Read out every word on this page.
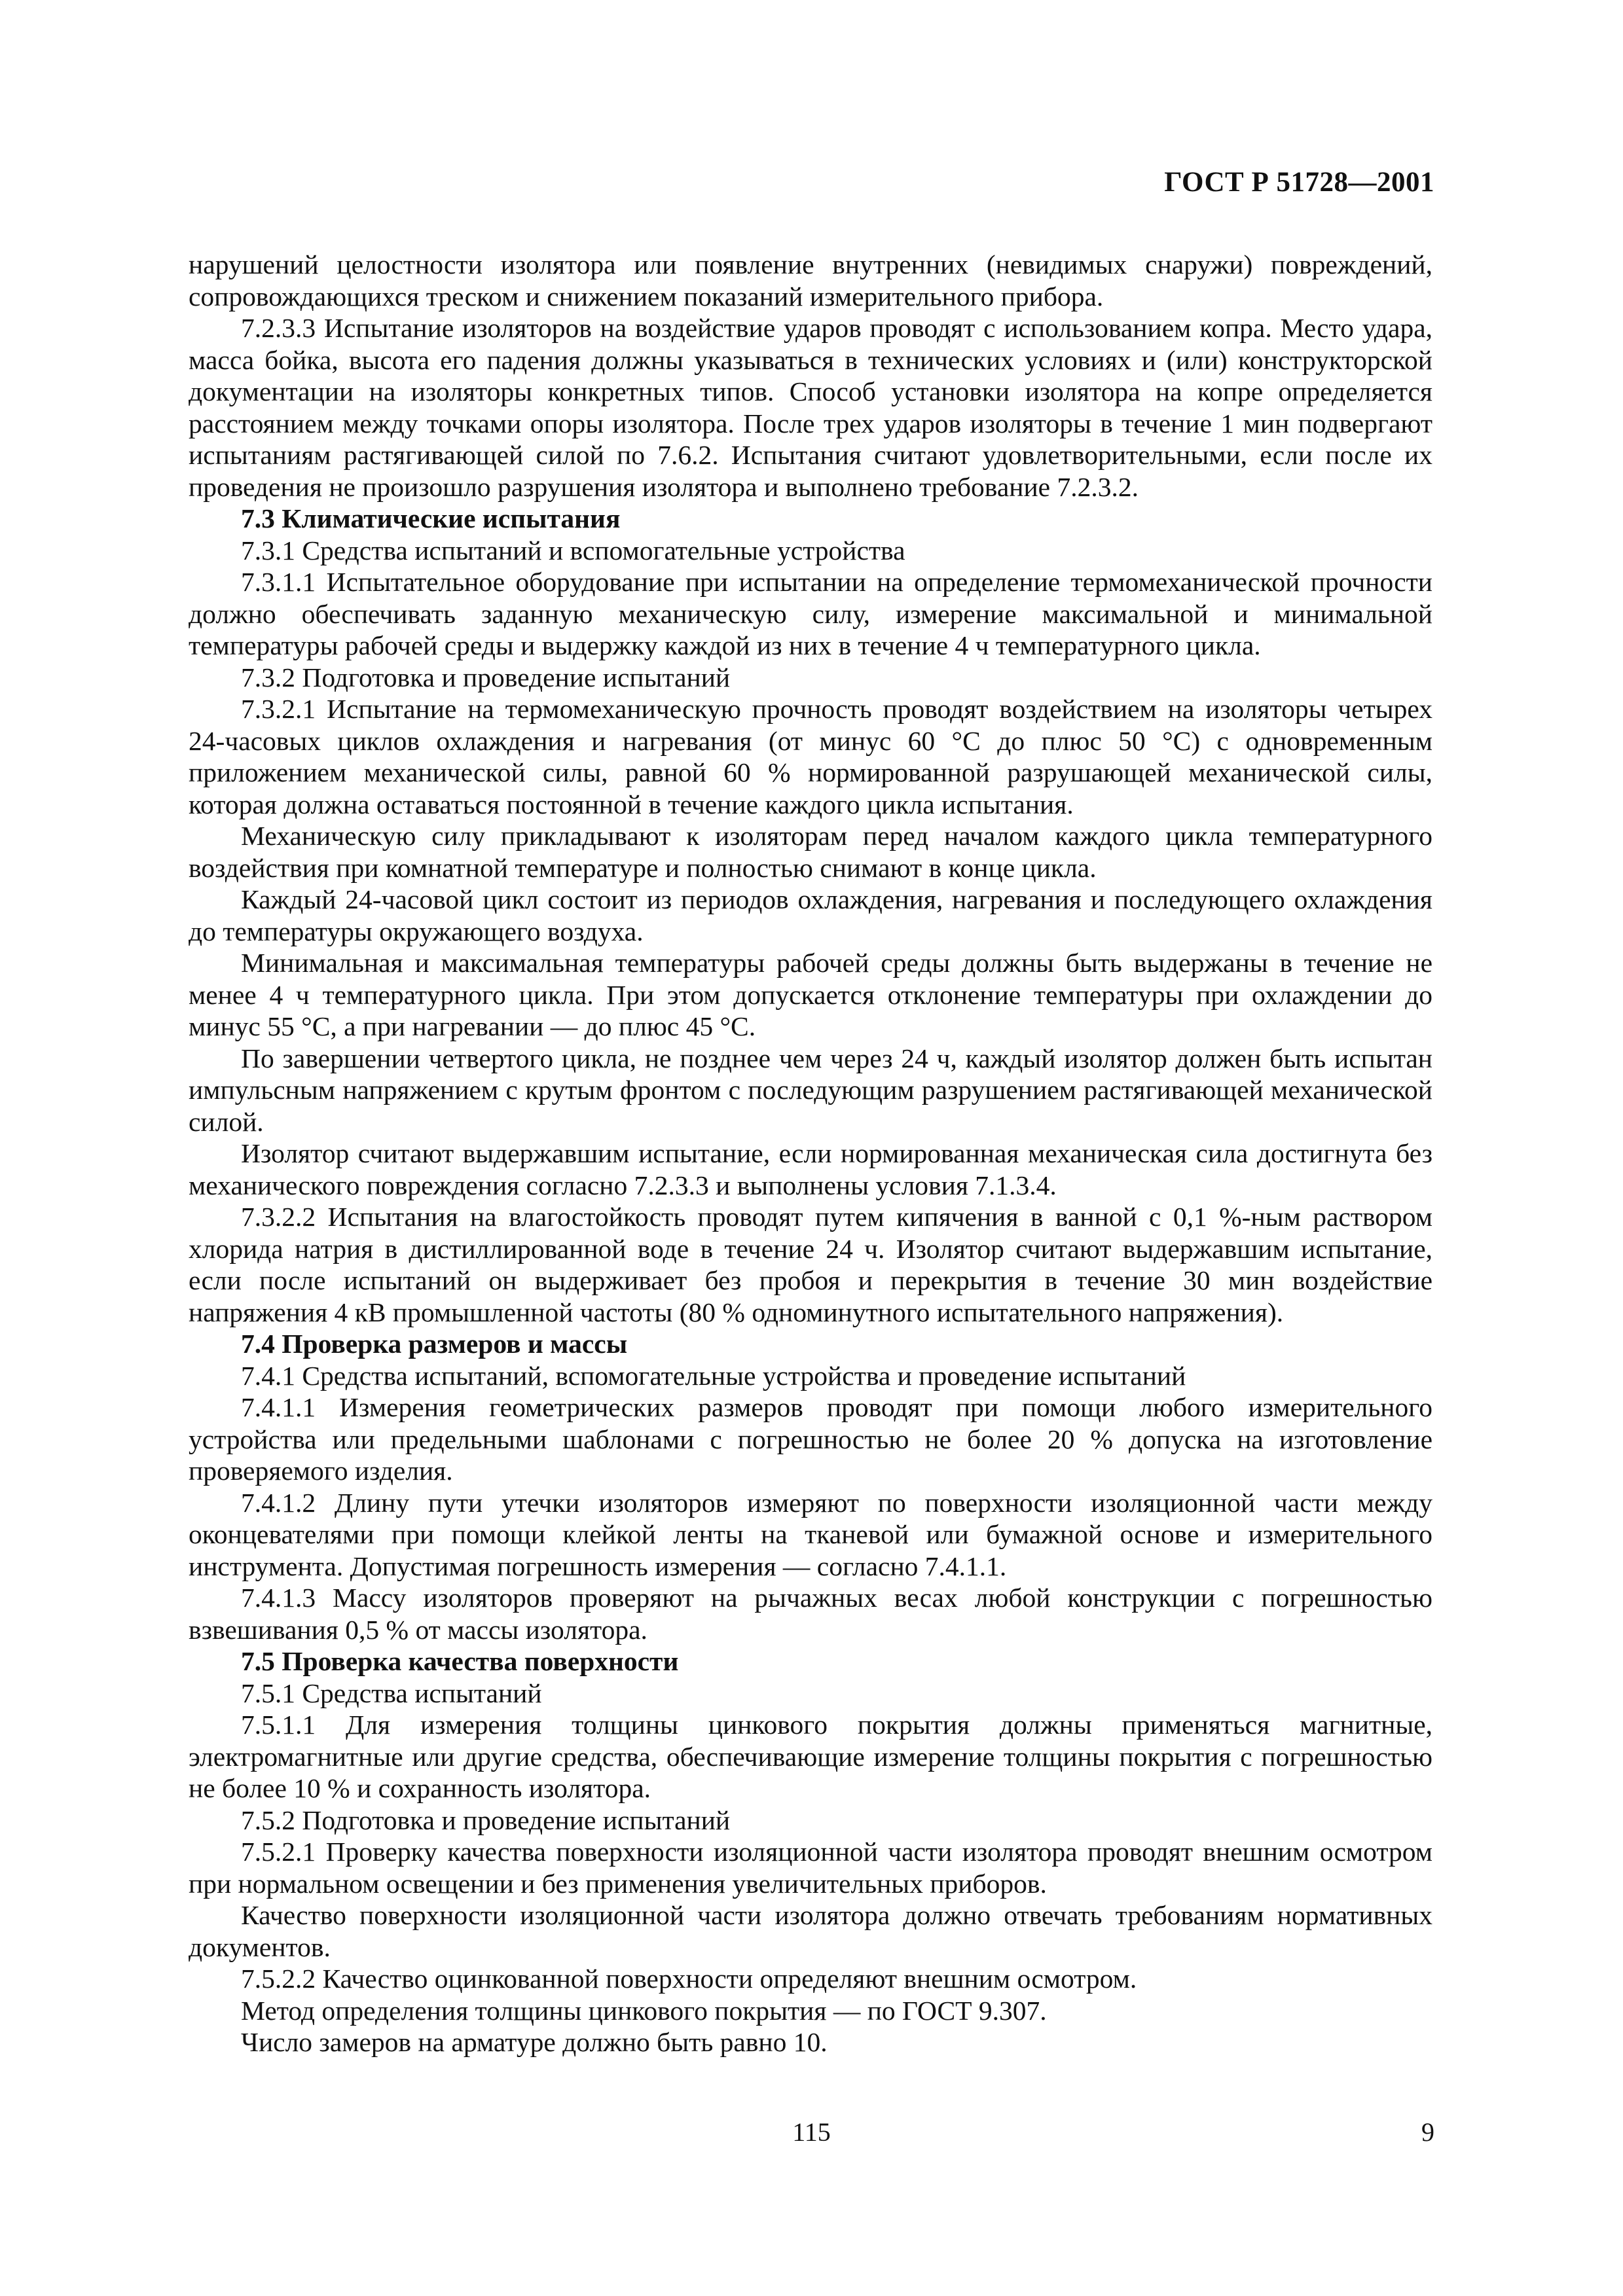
ГОСТ Р 51728—2001

нарушений целостности изолятора или появление внутренних (невидимых снаружи) повреждений, сопровождающихся треском и снижением показаний измерительного прибора.

7.2.3.3 Испытание изоляторов на воздействие ударов проводят с использованием копра. Место удара, масса бойка, высота его падения должны указываться в технических условиях и (или) конструкторской документации на изоляторы конкретных типов. Способ установки изолятора на копре определяется расстоянием между точками опоры изолятора. После трех ударов изоляторы в течение 1 мин подвергают испытаниям растягивающей силой по 7.6.2. Испытания считают удовлетворительными, если после их проведения не произошло разрушения изолятора и выполнено требование 7.2.3.2.

7.3 Климатические испытания

7.3.1 Средства испытаний и вспомогательные устройства

7.3.1.1 Испытательное оборудование при испытании на определение термомеханической прочности должно обеспечивать заданную механическую силу, измерение максимальной и минимальной температуры рабочей среды и выдержку каждой из них в течение 4 ч температурного цикла.

7.3.2 Подготовка и проведение испытаний

7.3.2.1 Испытание на термомеханическую прочность проводят воздействием на изоляторы четырех 24-часовых циклов охлаждения и нагревания (от минус 60 °С до плюс 50 °С) с одновременным приложением механической силы, равной 60 % нормированной разрушающей механической силы, которая должна оставаться постоянной в течение каждого цикла испытания.

Механическую силу прикладывают к изоляторам перед началом каждого цикла температурного воздействия при комнатной температуре и полностью снимают в конце цикла.

Каждый 24-часовой цикл состоит из периодов охлаждения, нагревания и последующего охлаждения до температуры окружающего воздуха.

Минимальная и максимальная температуры рабочей среды должны быть выдержаны в течение не менее 4 ч температурного цикла. При этом допускается отклонение температуры при охлаждении до минус 55 °С, а при нагревании — до плюс 45 °С.

По завершении четвертого цикла, не позднее чем через 24 ч, каждый изолятор должен быть испытан импульсным напряжением с крутым фронтом с последующим разрушением растягивающей механической силой.

Изолятор считают выдержавшим испытание, если нормированная механическая сила достигнута без механического повреждения согласно 7.2.3.3 и выполнены условия 7.1.3.4.

7.3.2.2 Испытания на влагостойкость проводят путем кипячения в ванной с 0,1 %-ным раствором хлорида натрия в дистиллированной воде в течение 24 ч. Изолятор считают выдержавшим испытание, если после испытаний он выдерживает без пробоя и перекрытия в течение 30 мин воздействие напряжения 4 кВ промышленной частоты (80 % одноминутного испытательного напряжения).

7.4 Проверка размеров и массы

7.4.1 Средства испытаний, вспомогательные устройства и проведение испытаний

7.4.1.1 Измерения геометрических размеров проводят при помощи любого измерительного устройства или предельными шаблонами с погрешностью не более 20 % допуска на изготовление проверяемого изделия.

7.4.1.2 Длину пути утечки изоляторов измеряют по поверхности изоляционной части между оконцевателями при помощи клейкой ленты на тканевой или бумажной основе и измерительного инструмента. Допустимая погрешность измерения — согласно 7.4.1.1.

7.4.1.3 Массу изоляторов проверяют на рычажных весах любой конструкции с погрешностью взвешивания 0,5 % от массы изолятора.

7.5 Проверка качества поверхности

7.5.1 Средства испытаний

7.5.1.1 Для измерения толщины цинкового покрытия должны применяться магнитные, электромагнитные или другие средства, обеспечивающие измерение толщины покрытия с погрешностью не более 10 % и сохранность изолятора.

7.5.2 Подготовка и проведение испытаний

7.5.2.1 Проверку качества поверхности изоляционной части изолятора проводят внешним осмотром при нормальном освещении и без применения увеличительных приборов.

Качество поверхности изоляционной части изолятора должно отвечать требованиям нормативных документов.

7.5.2.2 Качество оцинкованной поверхности определяют внешним осмотром.

Метод определения толщины цинкового покрытия — по ГОСТ 9.307.

Число замеров на арматуре должно быть равно 10.

115	9
